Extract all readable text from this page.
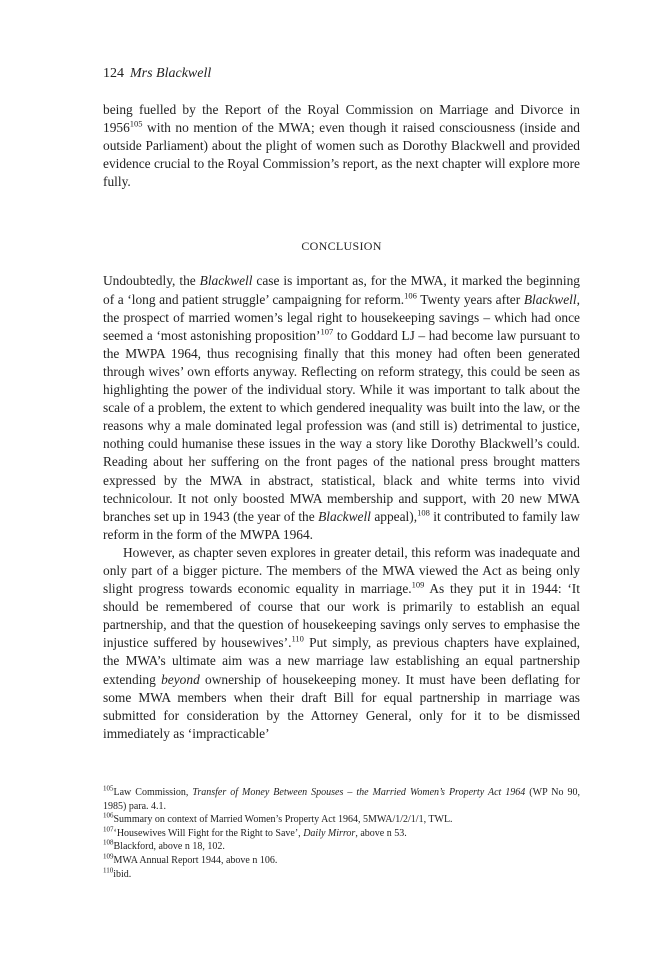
124 Mrs Blackwell

being fuelled by the Report of the Royal Commission on Marriage and Divorce in 1956$^{105}$ with no mention of the MWA; even though it raised consciousness (inside and outside Parliament) about the plight of women such as Dorothy Blackwell and provided evidence crucial to the Royal Commission’s report, as the next chapter will explore more fully.

CONCLUSION

Undoubtedly, the Blackwell case is important as, for the MWA, it marked the beginning of a ‘long and patient struggle’ campaigning for reform.$^{106}$ Twenty years after Blackwell, the prospect of married women’s legal right to housekeeping savings – which had once seemed a ‘most astonishing proposition’$^{107}$ to Goddard LJ – had become law pursuant to the MWPA 1964, thus recognising finally that this money had often been generated through wives’ own efforts anyway. Reflecting on reform strategy, this could be seen as highlighting the power of the individual story. While it was important to talk about the scale of a problem, the extent to which gendered inequality was built into the law, or the reasons why a male dominated legal profession was (and still is) detrimental to justice, nothing could humanise these issues in the way a story like Dorothy Blackwell’s could. Reading about her suffering on the front pages of the national press brought matters expressed by the MWA in abstract, statistical, black and white terms into vivid technicolour. It not only boosted MWA membership and support, with 20 new MWA branches set up in 1943 (the year of the Blackwell appeal),$^{108}$ it contributed to family law reform in the form of the MWPA 1964.

However, as chapter seven explores in greater detail, this reform was inadequate and only part of a bigger picture. The members of the MWA viewed the Act as being only slight progress towards economic equality in marriage.$^{109}$ As they put it in 1944: ‘It should be remembered of course that our work is primarily to establish an equal partnership, and that the question of housekeeping savings only serves to emphasise the injustice suffered by housewives’.$^{110}$ Put simply, as previous chapters have explained, the MWA’s ultimate aim was a new marriage law establishing an equal partnership extending beyond ownership of housekeeping money. It must have been deflating for some MWA members when their draft Bill for equal partnership in marriage was submitted for consideration by the Attorney General, only for it to be dismissed immediately as ‘impracticable’

$^{105}$Law Commission, Transfer of Money Between Spouses – the Married Women’s Property Act 1964 (WP No 90, 1985) para. 4.1.

$^{106}$Summary on context of Married Women’s Property Act 1964, 5MWA/1/2/1/1, TWL.

$^{107}$‘Housewives Will Fight for the Right to Save’, Daily Mirror, above n 53.

$^{108}$Blackford, above n 18, 102.

$^{109}$MWA Annual Report 1944, above n 106.

$^{110}$ibid.
